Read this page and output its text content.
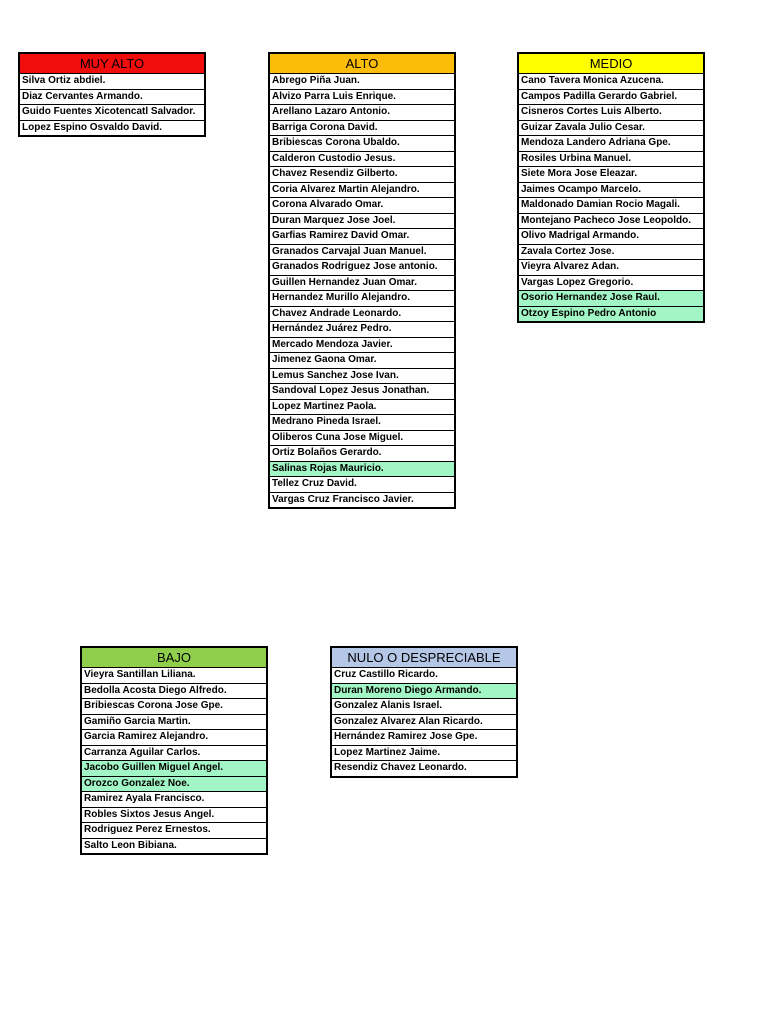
MUY ALTO
Silva Ortiz abdiel.
Diaz Cervantes Armando.
Guido Fuentes Xicotencatl Salvador.
Lopez Espino Osvaldo David.
ALTO
Abrego Piña Juan.
Alvizo Parra Luis Enrique.
Arellano Lazaro Antonio.
Barriga Corona David.
Bribiescas Corona Ubaldo.
Calderon Custodio Jesus.
Chavez Resendiz Gilberto.
Coria Alvarez Martin Alejandro.
Corona Alvarado Omar.
Duran Marquez Jose Joel.
Garfias Ramirez David Omar.
Granados Carvajal Juan Manuel.
Granados Rodriguez Jose antonio.
Guillen Hernandez Juan Omar.
Hernandez Murillo Alejandro.
Chavez Andrade Leonardo.
Hernández Juárez Pedro.
Mercado Mendoza Javier.
Jimenez Gaona Omar.
Lemus Sanchez Jose Ivan.
Sandoval Lopez Jesus Jonathan.
Lopez Martinez Paola.
Medrano Pineda Israel.
Oliberos Cuna Jose Miguel.
Ortiz Bolaños Gerardo.
Salinas Rojas Mauricio.
Tellez Cruz David.
Vargas Cruz Francisco Javier.
MEDIO
Cano Tavera Monica Azucena.
Campos Padilla Gerardo Gabriel.
Cisneros Cortes Luis Alberto.
Guizar Zavala Julio Cesar.
Mendoza Landero Adriana Gpe.
Rosiles Urbina Manuel.
Siete Mora Jose Eleazar.
Jaimes Ocampo Marcelo.
Maldonado Damian Rocio Magali.
Montejano Pacheco Jose Leopoldo.
Olivo Madrigal Armando.
Zavala Cortez Jose.
Vieyra Alvarez Adan.
Vargas Lopez Gregorio.
Osorio Hernandez Jose Raul.
Otzoy Espino Pedro Antonio
BAJO
Vieyra Santillan Liliana.
Bedolla Acosta Diego Alfredo.
Bribiescas Corona Jose Gpe.
Gamiño Garcia Martin.
Garcia Ramirez Alejandro.
Carranza Aguilar Carlos.
Jacobo Guillen Miguel Angel.
Orozco Gonzalez Noe.
Ramirez Ayala Francisco.
Robles Sixtos Jesus Angel.
Rodriguez Perez Ernestos.
Salto Leon Bibiana.
NULO O DESPRECIABLE
Cruz Castillo Ricardo.
Duran Moreno Diego Armando.
Gonzalez Alanis Israel.
Gonzalez Alvarez Alan Ricardo.
Hernández Ramirez Jose Gpe.
Lopez Martinez Jaime.
Resendiz Chavez Leonardo.
